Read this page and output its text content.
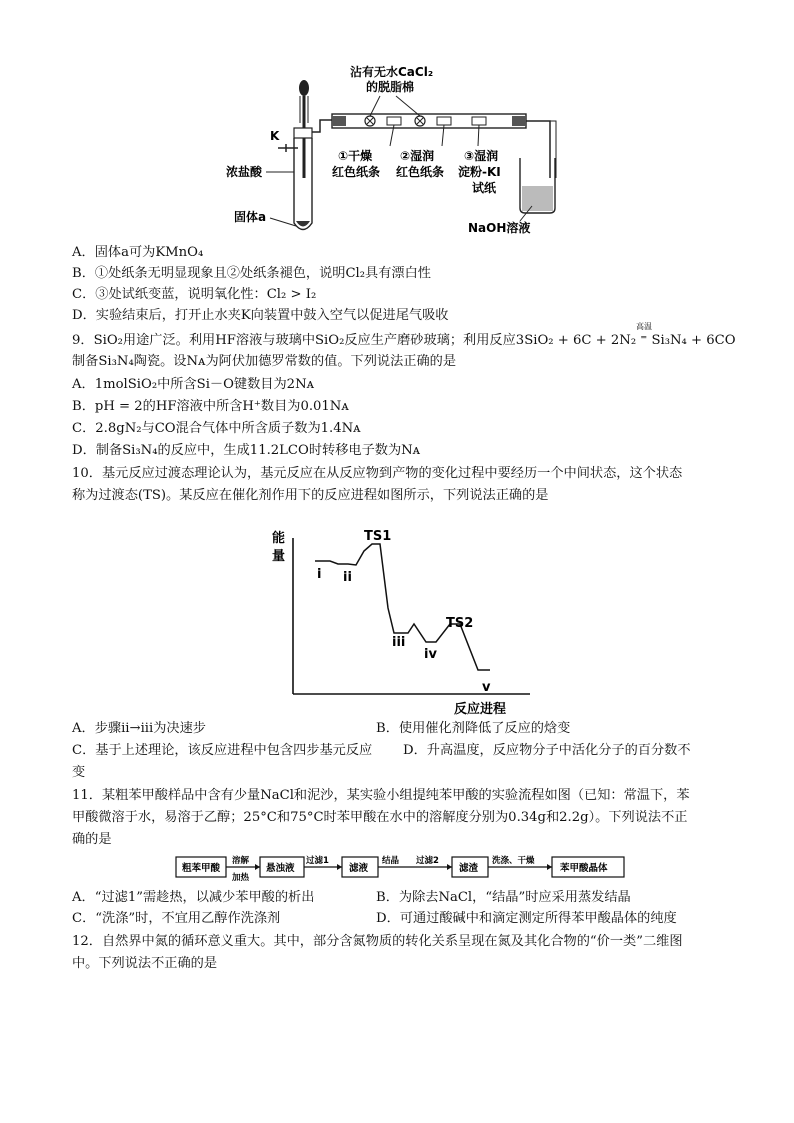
沾有无水CaCl₂
的脱脂棉
K
浓盐酸
固体a
①干燥
红色纸条
②湿润
红色纸条
③湿润
淀粉-KI
试纸
NaOH溶液
A．固体a可为KMnO₄
B．①处纸条无明显现象且②处纸条褪色，说明Cl₂具有漂白性
C．③处试纸变蓝，说明氧化性：Cl₂ > I₂
D．实验结束后，打开止水夹K向装置中鼓入空气以促进尾气吸收
9．SiO₂用途广泛。利用HF溶液与玻璃中SiO₂反应生产磨砂玻璃；利用反应3SiO₂ + 6C + 2N₂ ⁼ Si₃N₄ + 6CO
高温
制备Si₃N₄陶瓷。设Nᴀ为阿伏加德罗常数的值。下列说法正确的是
A．1molSiO₂中所含Si－O键数目为2Nᴀ
B．pH = 2的HF溶液中所含H⁺数目为0.01Nᴀ
C．2.8gN₂与CO混合气体中所含质子数为1.4Nᴀ
D．制备Si₃N₄的反应中，生成11.2LCO时转移电子数为Nᴀ
10．基元反应过渡态理论认为，基元反应在从反应物到产物的变化过程中要经历一个中间状态，这个状态
称为过渡态(TS)。某反应在催化剂作用下的反应进程如图所示，下列说法正确的是
能
量
i ii
TS1
iii
iv
TS2
v
反应进程
A．步骤ii→iii为决速步	B．使用催化剂降低了反应的焓变
C．基于上述理论，该反应进程中包含四步基元反应 D．升高温度，反应物分子中活化分子的百分数不
变
11．某粗苯甲酸样品中含有少量NaCl和泥沙，某实验小组提纯苯甲酸的实验流程如图（已知：常温下，苯
甲酸微溶于水，易溶于乙醇；25°C和75°C时苯甲酸在水中的溶解度分别为0.34g和2.2g）。下列说法不正
确的是
粗苯甲酸
溶解
加热
悬浊液
过滤1
滤液
结晶 过滤2
滤渣
洗涤、干燥
苯甲酸晶体
A．“过滤1”需趁热，以减少苯甲酸的析出	B．为除去NaCl，“结晶”时应采用蒸发结晶
C．“洗涤”时，不宜用乙醇作洗涤剂	D．可通过酸碱中和滴定测定所得苯甲酸晶体的纯度
12．自然界中氮的循环意义重大。其中，部分含氮物质的转化关系呈现在氮及其化合物的“价一类”二维图
中。下列说法不正确的是
